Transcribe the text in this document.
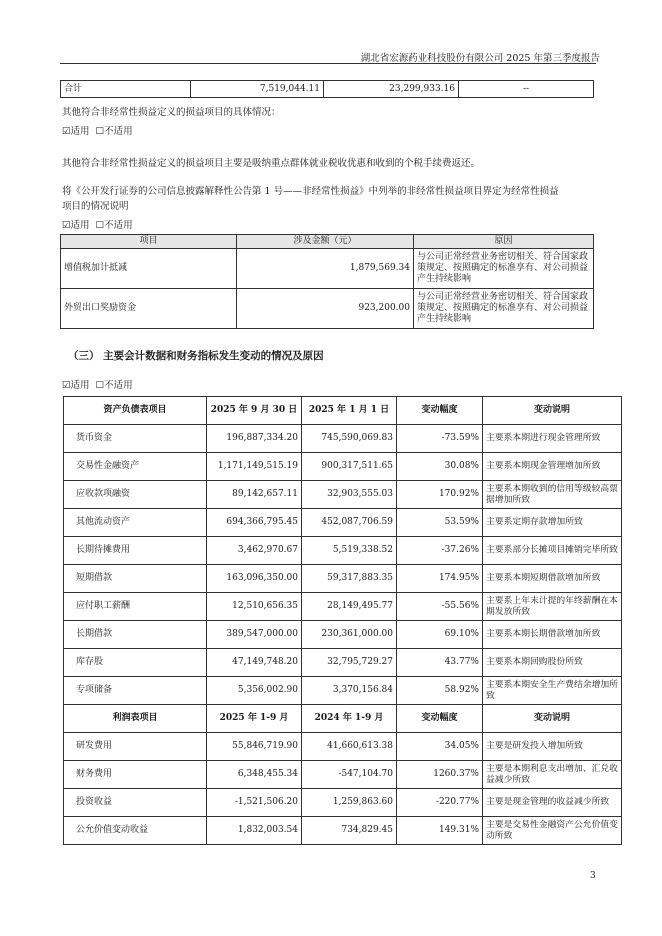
湖北省宏源药业科技股份有限公司 2025 年第三季度报告
合计	7,519,044.11	23,299,933.16	--
其他符合非经常性损益定义的损益项目的具体情况：
☑适用 ☐不适用
其他符合非经常性损益定义的损益项目主要是吸纳重点群体就业税收优惠和收到的个税手续费返还。
将《公开发行证券的公司信息披露解释性公告第 1 号——非经常性损益》中列举的非经常性损益项目界定为经常性损益
项目的情况说明
☑适用 ☐不适用
项目	涉及金额（元）	原因
增值税加计抵减	1,879,569.34	与公司正常经营业务密切相关、符合国家政策规定、按照确定的标准享有、对公司损益产生持续影响
外贸出口奖励资金	923,200.00	与公司正常经营业务密切相关、符合国家政策规定、按照确定的标准享有、对公司损益产生持续影响
（三） 主要会计数据和财务指标发生变动的情况及原因
☑适用 ☐不适用
资产负债表项目	2025 年 9 月 30 日	2025 年 1 月 1 日	变动幅度	变动说明
货币资金	196,887,334.20	745,590,069.83	-73.59%	主要系本期进行现金管理所致
交易性金融资产	1,171,149,515.19	900,317,511.65	30.08%	主要系本期现金管理增加所致
应收款项融资	89,142,657.11	32,903,555.03	170.92%	主要系本期收到的信用等级较高票据增加所致
其他流动资产	694,366,795.45	452,087,706.59	53.59%	主要系定期存款增加所致
长期待摊费用	3,462,970.67	5,519,338.52	-37.26%	主要系部分长摊项目摊销完毕所致
短期借款	163,096,350.00	59,317,883.35	174.95%	主要系本期短期借款增加所致
应付职工薪酬	12,510,656.35	28,149,495.77	-55.56%	主要系上年末计提的年终薪酬在本期发放所致
长期借款	389,547,000.00	230,361,000.00	69.10%	主要系本期长期借款增加所致
库存股	47,149,748.20	32,795,729.27	43.77%	主要系本期回购股份所致
专项储备	5,356,002.90	3,370,156.84	58.92%	主要系本期安全生产费结余增加所致
利润表项目	2025 年 1-9 月	2024 年 1-9 月	变动幅度	变动说明
研发费用	55,846,719.90	41,660,613.38	34.05%	主要是研发投入增加所致
财务费用	6,348,455.34	-547,104.70	1260.37%	主要是本期利息支出增加、汇兑收益减少所致
投资收益	-1,521,506.20	1,259,863.60	-220.77%	主要是现金管理的收益减少所致
公允价值变动收益	1,832,003.54	734,829.45	149.31%	主要是交易性金融资产公允价值变动所致
3
